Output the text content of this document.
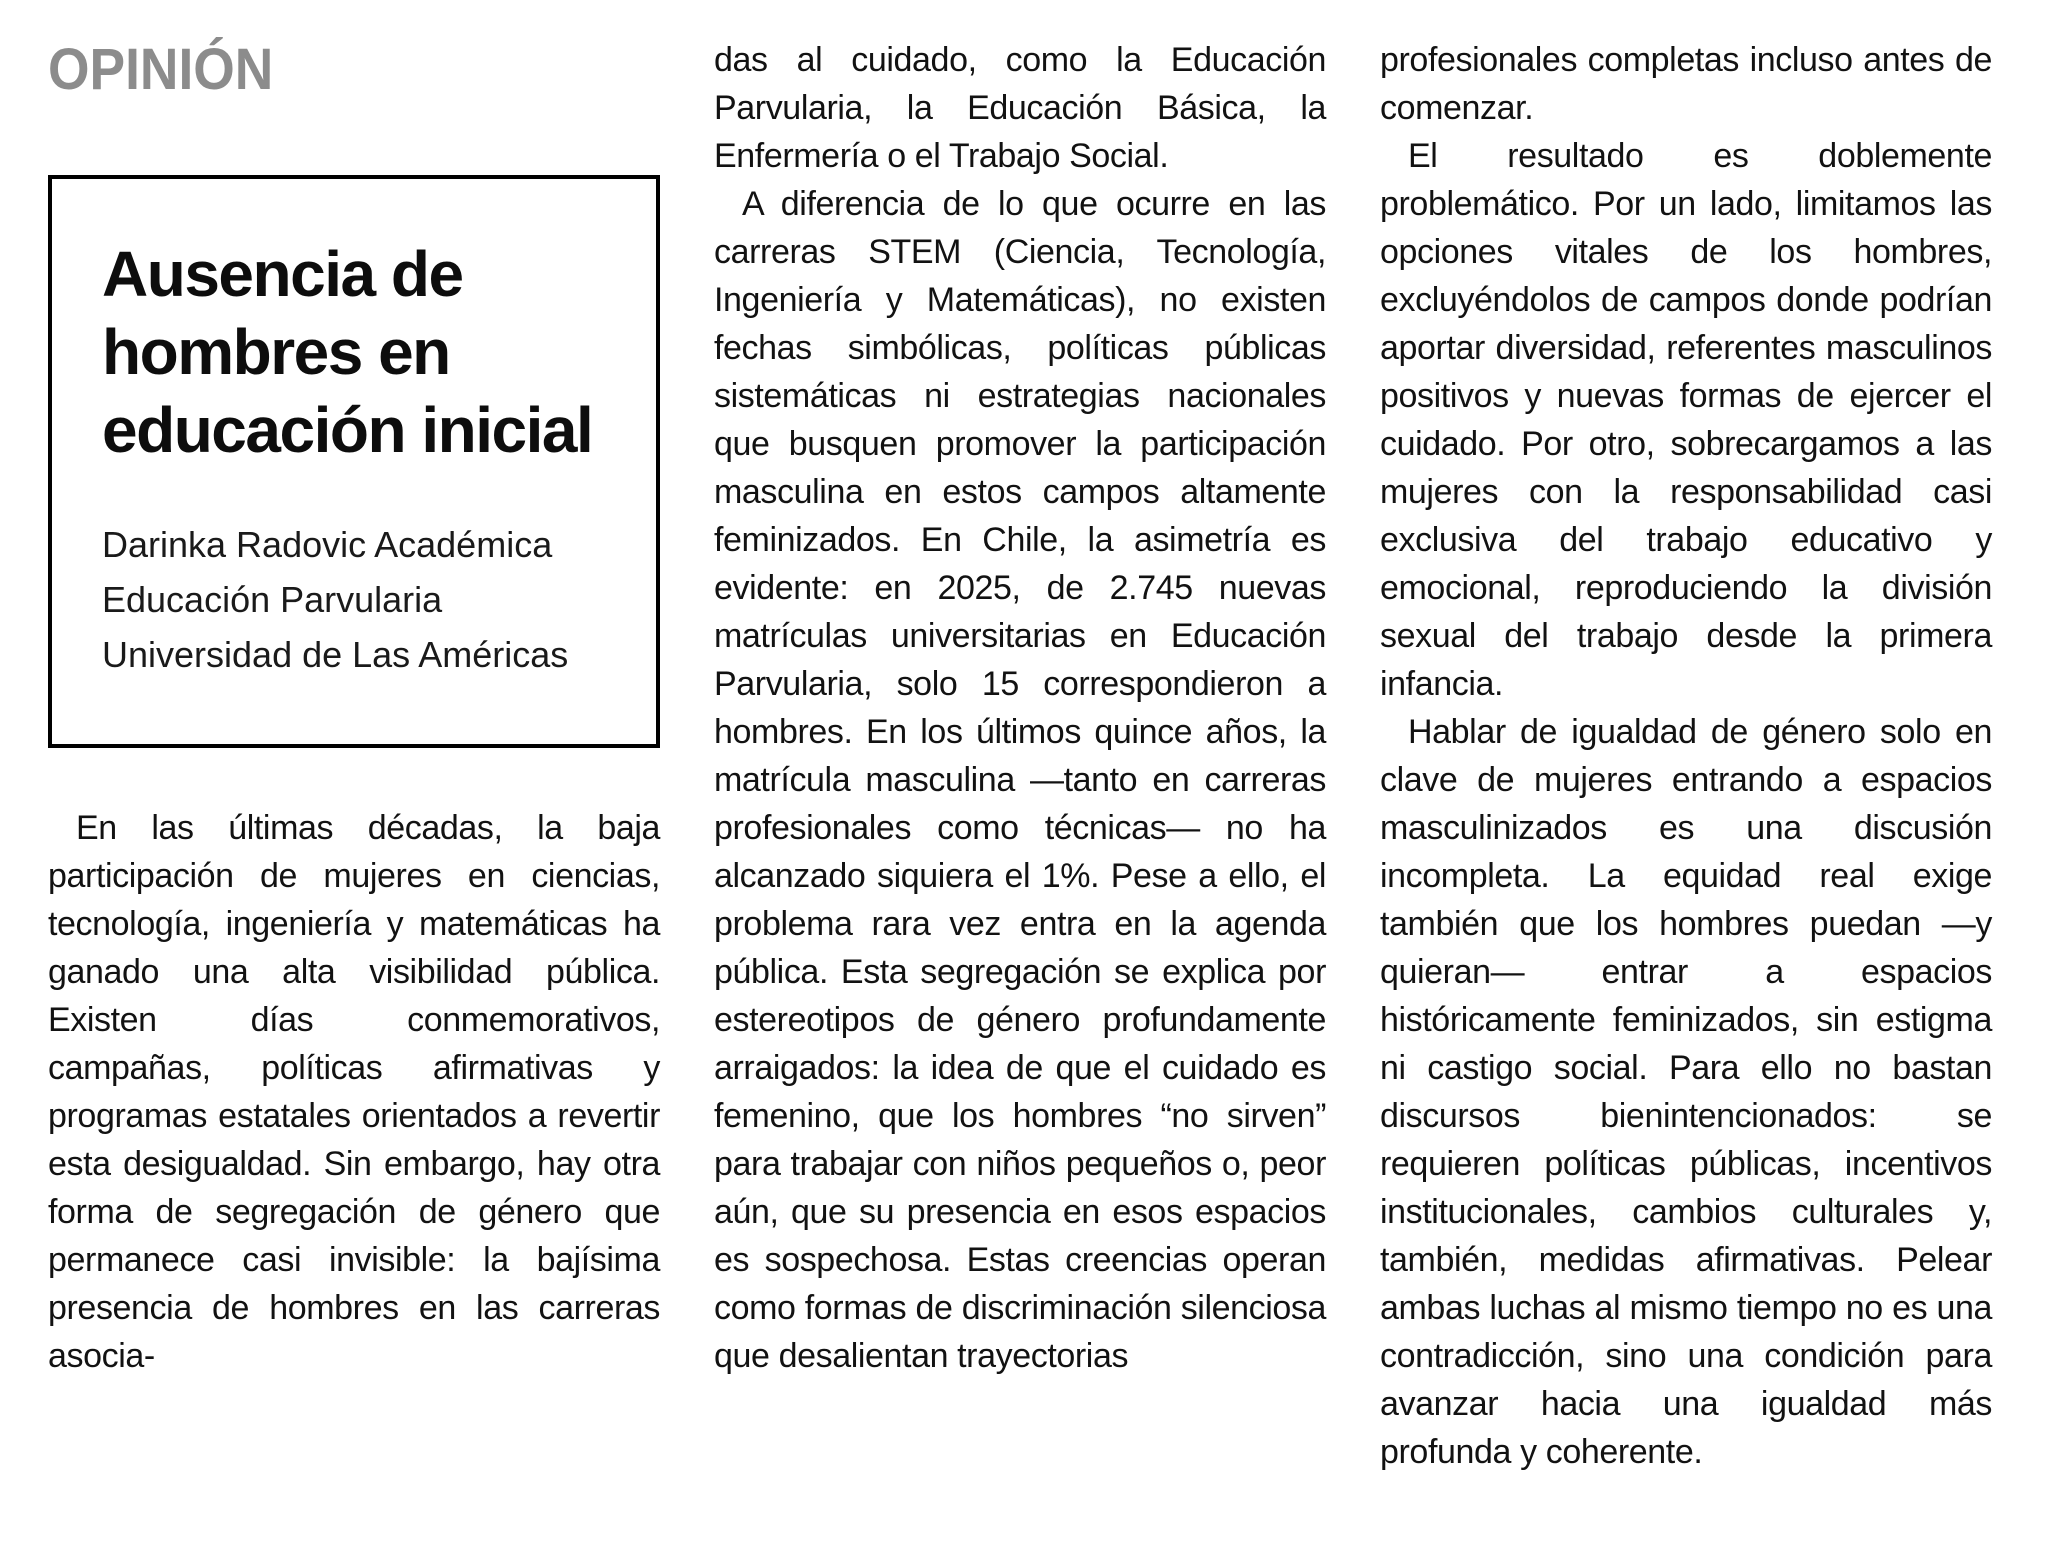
OPINIÓN
Ausencia de hombres en educación inicial
Darinka Radovic Académica
Educación Parvularia
Universidad de Las Américas

En las últimas décadas, la baja participación de mujeres en ciencias, tecnología, ingeniería y matemáticas ha ganado una alta visibilidad pública. Existen días conmemorativos, campañas, políticas afirmativas y programas estatales orientados a revertir esta desigualdad. Sin embargo, hay otra forma de segregación de género que permanece casi invisible: la bajísima presencia de hombres en las carreras asocia-

das al cuidado, como la Educación Parvularia, la Educación Básica, la Enfermería o el Trabajo Social.

A diferencia de lo que ocurre en las carreras STEM (Ciencia, Tecnología, Ingeniería y Matemáticas), no existen fechas simbólicas, políticas públicas sistemáticas ni estrategias nacionales que busquen promover la participación masculina en estos campos altamente feminizados. En Chile, la asimetría es evidente: en 2025, de 2.745 nuevas matrículas universitarias en Educación Parvularia, solo 15 correspondieron a hombres. En los últimos quince años, la matrícula masculina —tanto en carreras profesionales como técnicas— no ha alcanzado siquiera el 1%. Pese a ello, el problema rara vez entra en la agenda pública. Esta segregación se explica por estereotipos de género profundamente arraigados: la idea de que el cuidado es femenino, que los hombres “no sirven” para trabajar con niños pequeños o, peor aún, que su presencia en esos espacios es sospechosa. Estas creencias operan como formas de discriminación silenciosa que desalientan trayectorias

profesionales completas incluso antes de comenzar.

El resultado es doblemente problemático. Por un lado, limitamos las opciones vitales de los hombres, excluyéndolos de campos donde podrían aportar diversidad, referentes masculinos positivos y nuevas formas de ejercer el cuidado. Por otro, sobrecargamos a las mujeres con la responsabilidad casi exclusiva del trabajo educativo y emocional, reproduciendo la división sexual del trabajo desde la primera infancia.

Hablar de igualdad de género solo en clave de mujeres entrando a espacios masculinizados es una discusión incompleta. La equidad real exige también que los hombres puedan —y quieran— entrar a espacios históricamente feminizados, sin estigma ni castigo social. Para ello no bastan discursos bienintencionados: se requieren políticas públicas, incentivos institucionales, cambios culturales y, también, medidas afirmativas. Pelear ambas luchas al mismo tiempo no es una contradicción, sino una condición para avanzar hacia una igualdad más profunda y coherente.
